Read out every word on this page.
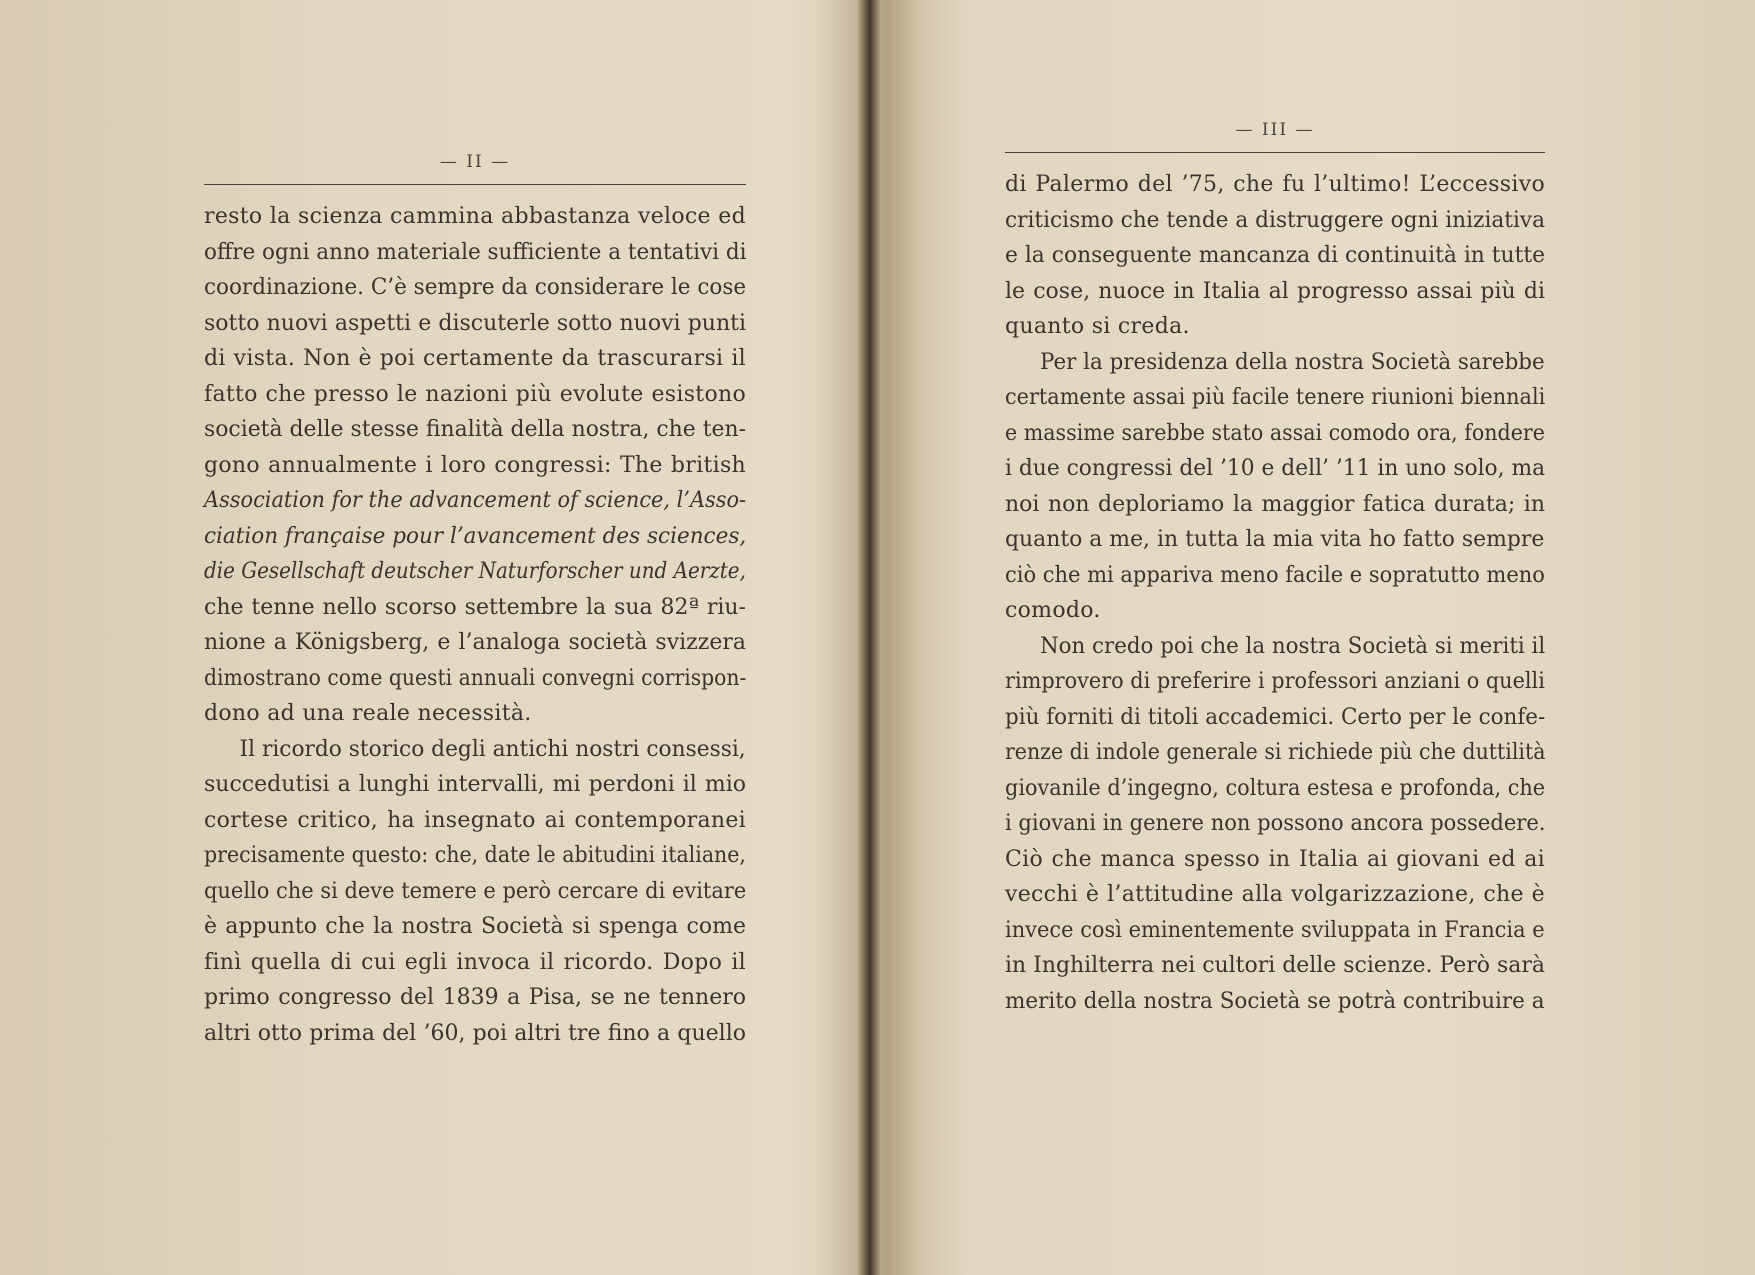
— II —
resto la scienza cammina abbastanza veloce ed
offre ogni anno materiale sufficiente a tentativi di
coordinazione. C’è sempre da considerare le cose
sotto nuovi aspetti e discuterle sotto nuovi punti
di vista. Non è poi certamente da trascurarsi il
fatto che presso le nazioni più evolute esistono
società delle stesse finalità della nostra, che ten-
gono annualmente i loro congressi: The british
Association for the advancement of science, l’Asso-
ciation française pour l’avancement des sciences,
die Gesellschaft deutscher Naturforscher und Aerzte,
che tenne nello scorso settembre la sua 82ª riu-
nione a Königsberg, e l’analoga società svizzera
dimostrano come questi annuali convegni corrispon-
dono ad una reale necessità.
Il ricordo storico degli antichi nostri consessi,
succedutisi a lunghi intervalli, mi perdoni il mio
cortese critico, ha insegnato ai contemporanei
precisamente questo: che, date le abitudini italiane,
quello che si deve temere e però cercare di evitare
è appunto che la nostra Società si spenga come
finì quella di cui egli invoca il ricordo. Dopo il
primo congresso del 1839 a Pisa, se ne tennero
altri otto prima del ’60, poi altri tre fino a quello
— III —
di Palermo del ’75, che fu l’ultimo! L’eccessivo
criticismo che tende a distruggere ogni iniziativa
e la conseguente mancanza di continuità in tutte
le cose, nuoce in Italia al progresso assai più di
quanto si creda.
Per la presidenza della nostra Società sarebbe
certamente assai più facile tenere riunioni biennali
e massime sarebbe stato assai comodo ora, fondere
i due congressi del ’10 e dell’ ’11 in uno solo, ma
noi non deploriamo la maggior fatica durata; in
quanto a me, in tutta la mia vita ho fatto sempre
ciò che mi appariva meno facile e sopratutto meno
comodo.
Non credo poi che la nostra Società si meriti il
rimprovero di preferire i professori anziani o quelli
più forniti di titoli accademici. Certo per le confe-
renze di indole generale si richiede più che duttilità
giovanile d’ingegno, coltura estesa e profonda, che
i giovani in genere non possono ancora possedere.
Ciò che manca spesso in Italia ai giovani ed ai
vecchi è l’attitudine alla volgarizzazione, che è
invece così eminentemente sviluppata in Francia e
in Inghilterra nei cultori delle scienze. Però sarà
merito della nostra Società se potrà contribuire a
